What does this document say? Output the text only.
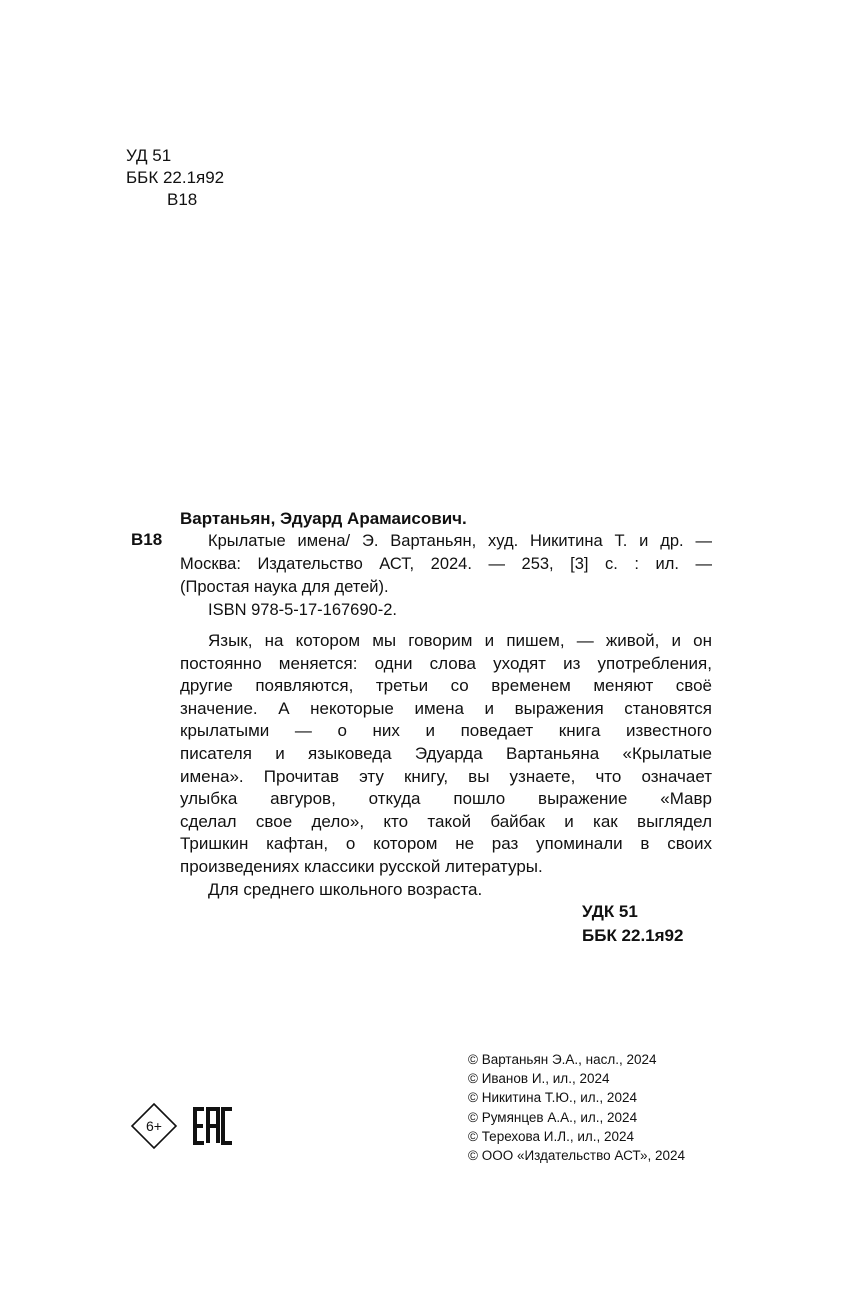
УД 51
ББК 22.1я92
В18
Вартаньян, Эдуард Арамаисович.
В18	Крылатые имена/ Э. Вартаньян, худ. Никитина Т. и др. —
Москва: Издательство АСТ, 2024. — 253, [3] с. : ил. —
(Простая наука для детей).
ISBN 978-5-17-167690-2.
Язык, на котором мы говорим и пишем, — живой, и он
постоянно меняется: одни слова уходят из употребления,
другие появляются, третьи со временем меняют своё
значение. А некоторые имена и выражения становятся
крылатыми — о них и поведает книга известного
писателя и языковеда Эдуарда Вартаньяна «Крылатые
имена». Прочитав эту книгу, вы узнаете, что означает
улыбка авгуров, откуда пошло выражение «Мавр
сделал свое дело», кто такой байбак и как выглядел
Тришкин кафтан, о котором не раз упоминали в своих
произведениях классики русской литературы.
Для среднего школьного возраста.
УДК 51
ББК 22.1я92
© Вартаньян Э.А., насл., 2024
© Иванов И., ил., 2024
© Никитина Т.Ю., ил., 2024
© Румянцев А.А., ил., 2024
© Терехова И.Л., ил., 2024
© ООО «Издательство АСТ», 2024
6+
